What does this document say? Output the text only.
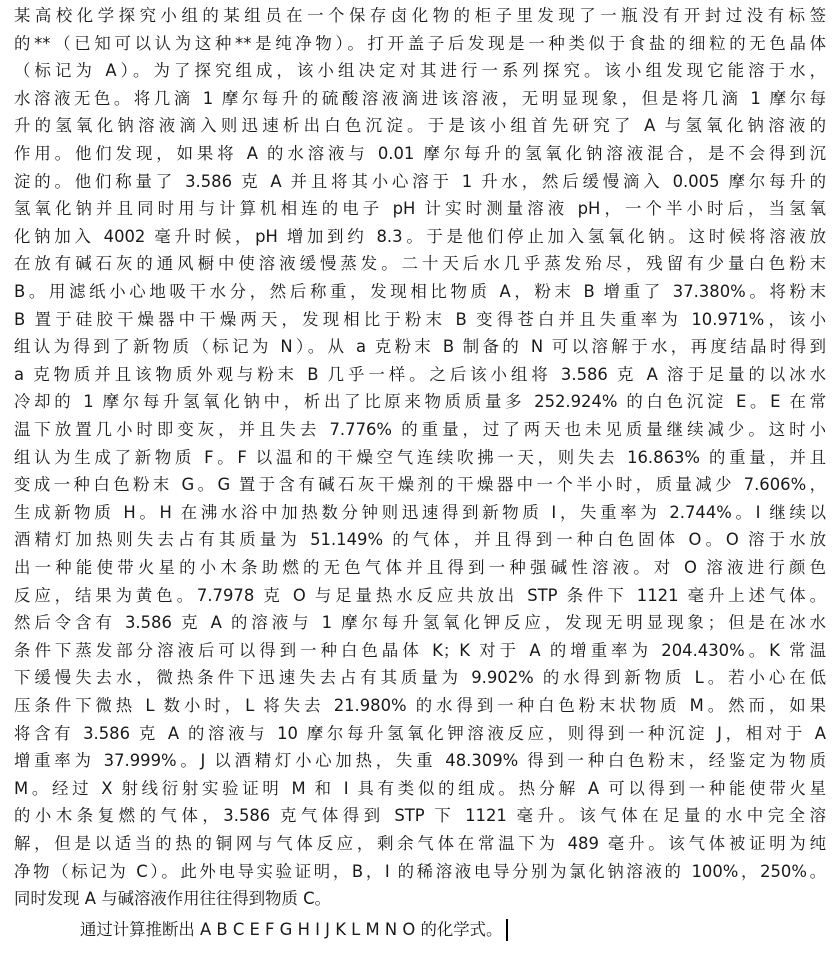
某高校化学探究小组的某组员在一个保存卤化物的柜子里发现了一瓶没有开封过没有标签
的**（已知可以认为这种**是纯净物）。打开盖子后发现是一种类似于食盐的细粒的无色晶体
（标记为 A）。为了探究组成，该小组决定对其进行一系列探究。该小组发现它能溶于水，
水溶液无色。将几滴 1 摩尔每升的硫酸溶液滴进该溶液，无明显现象，但是将几滴 1 摩尔每
升的氢氧化钠溶液滴入则迅速析出白色沉淀。于是该小组首先研究了 A 与氢氧化钠溶液的
作用。他们发现，如果将 A 的水溶液与 0.01 摩尔每升的氢氧化钠溶液混合，是不会得到沉
淀的。他们称量了 3.586 克 A 并且将其小心溶于 1 升水，然后缓慢滴入 0.005 摩尔每升的
氢氧化钠并且同时用与计算机相连的电子 pH 计实时测量溶液 pH，一个半小时后，当氢氧
化钠加入 4002 毫升时候，pH 增加到约 8.3。于是他们停止加入氢氧化钠。这时候将溶液放
在放有碱石灰的通风橱中使溶液缓慢蒸发。二十天后水几乎蒸发殆尽，残留有少量白色粉末
B。用滤纸小心地吸干水分，然后称重，发现相比物质 A，粉末 B 增重了 37.380%。将粉末
B 置于硅胶干燥器中干燥两天，发现相比于粉末 B 变得苍白并且失重率为 10.971%，该小
组认为得到了新物质（标记为 N）。从 a 克粉末 B 制备的 N 可以溶解于水，再度结晶时得到
a 克物质并且该物质外观与粉末 B 几乎一样。之后该小组将 3.586 克 A 溶于足量的以冰水
冷却的 1 摩尔每升氢氧化钠中，析出了比原来物质质量多 252.924% 的白色沉淀 E。E 在常
温下放置几小时即变灰，并且失去 7.776% 的重量，过了两天也未见质量继续减少。这时小
组认为生成了新物质 F。F 以温和的干燥空气连续吹拂一天，则失去 16.863% 的重量，并且
变成一种白色粉末 G。G 置于含有碱石灰干燥剂的干燥器中一个半小时，质量减少 7.606%，
生成新物质 H。H 在沸水浴中加热数分钟则迅速得到新物质 I，失重率为 2.744%。I 继续以
酒精灯加热则失去占有其质量为 51.149% 的气体，并且得到一种白色固体 O。O 溶于水放
出一种能使带火星的小木条助燃的无色气体并且得到一种强碱性溶液。对 O 溶液进行颜色
反应，结果为黄色。7.7978 克 O 与足量热水反应共放出 STP 条件下 1121 毫升上述气体。
然后令含有 3.586 克 A 的溶液与 1 摩尔每升氢氧化钾反应，发现无明显现象；但是在冰水
条件下蒸发部分溶液后可以得到一种白色晶体 K；K 对于 A 的增重率为 204.430%。K 常温
下缓慢失去水，微热条件下迅速失去占有其质量为 9.902% 的水得到新物质 L。若小心在低
压条件下微热 L 数小时，L 将失去 21.980% 的水得到一种白色粉末状物质 M。然而，如果
将含有 3.586 克 A 的溶液与 10 摩尔每升氢氧化钾溶液反应，则得到一种沉淀 J，相对于 A
增重率为 37.999%。J 以酒精灯小心加热，失重 48.309% 得到一种白色粉末，经鉴定为物质
M。经过 X 射线衍射实验证明 M 和 I 具有类似的组成。热分解 A 可以得到一种能使带火星
的小木条复燃的气体，3.586 克气体得到 STP 下 1121 毫升。该气体在足量的水中完全溶
解，但是以适当的热的铜网与气体反应，剩余气体在常温下为 489 毫升。该气体被证明为纯
净物（标记为 C）。此外电导实验证明，B，I 的稀溶液电导分别为氯化钠溶液的 100%，250%。
同时发现 A 与碱溶液作用往往得到物质 C。
通过计算推断出 A B C E F G H I J K L M N O 的化学式。
